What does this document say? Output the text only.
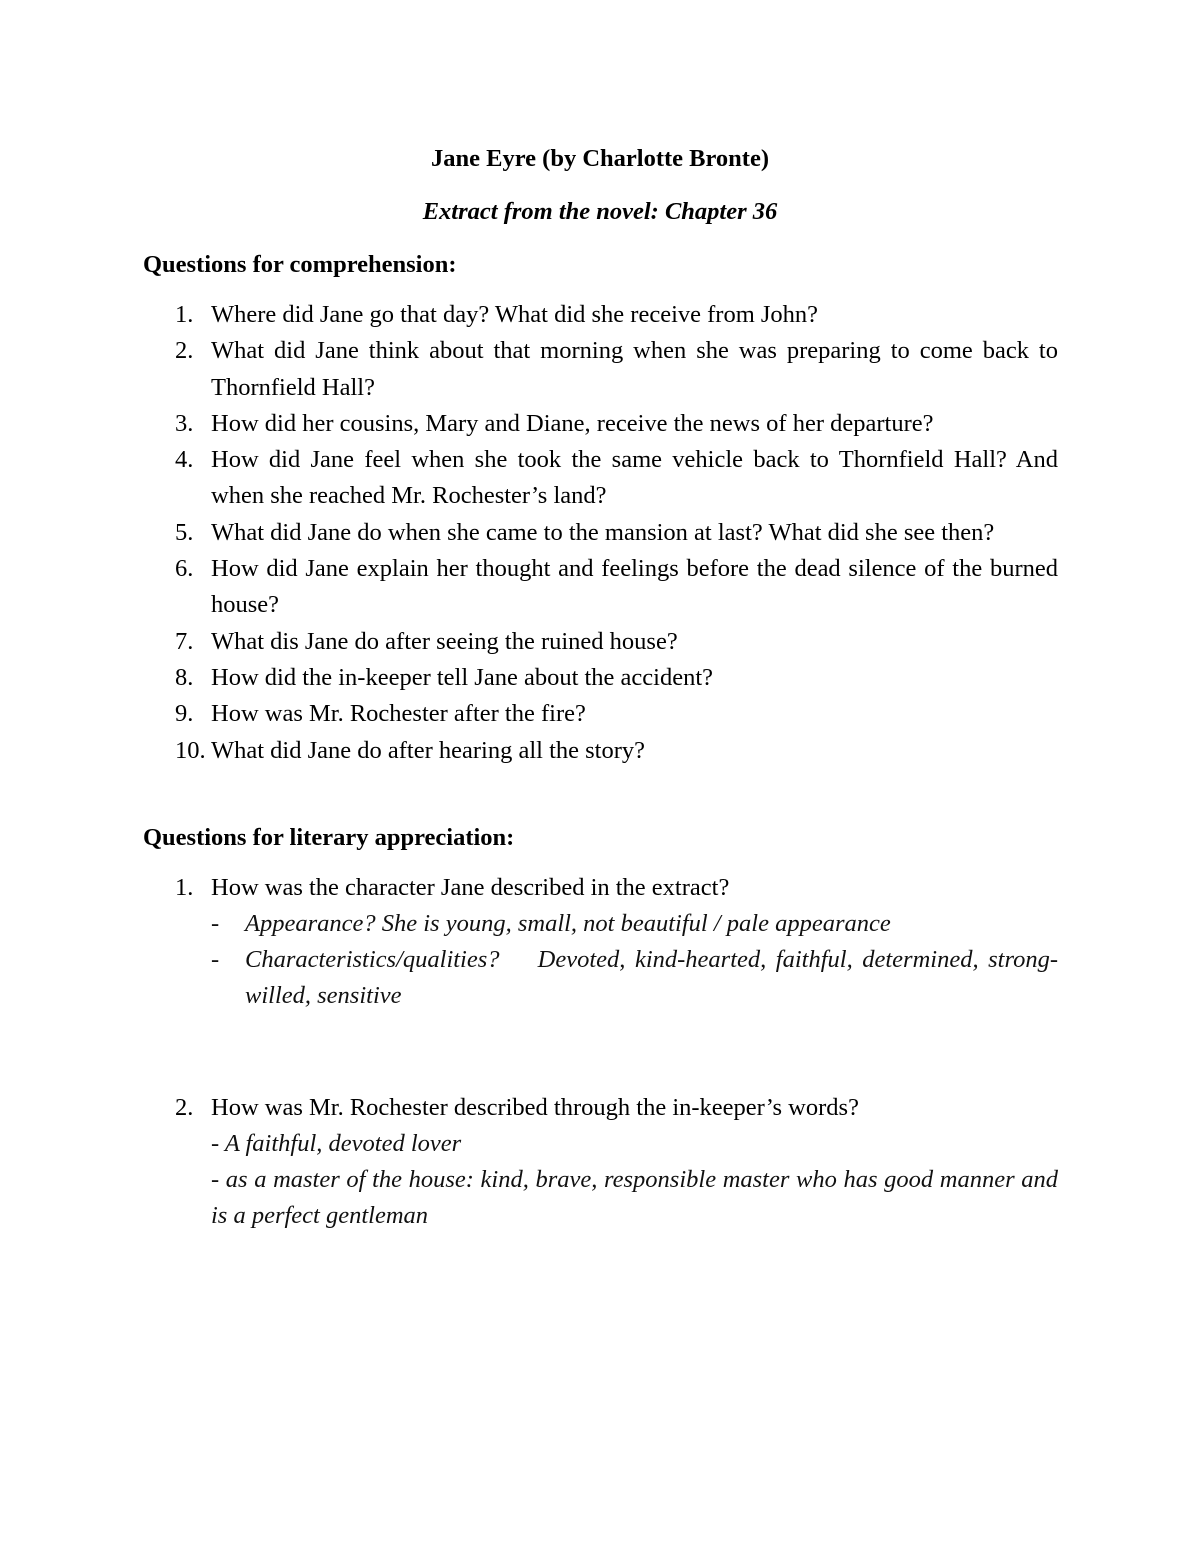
Jane Eyre (by Charlotte Bronte)
Extract from the novel: Chapter 36
Questions for comprehension:
1. Where did Jane go that day? What did she receive from John?
2. What did Jane think about that morning when she was preparing to come back to Thornfield Hall?
3. How did her cousins, Mary and Diane, receive the news of her departure?
4. How did Jane feel when she took the same vehicle back to Thornfield Hall? And when she reached Mr. Rochester’s land?
5. What did Jane do when she came to the mansion at last? What did she see then?
6. How did Jane explain her thought and feelings before the dead silence of the burned house?
7. What dis Jane do after seeing the ruined house?
8. How did the in-keeper tell Jane about the accident?
9. How was Mr. Rochester after the fire?
10. What did Jane do after hearing all the story?
Questions for literary appreciation:
1. How was the character Jane described in the extract?
- Appearance? She is young, small, not beautiful / pale appearance
- Characteristics/qualities?    Devoted, kind-hearted, faithful, determined, strong-willed, sensitive
2. How was Mr. Rochester described through the in-keeper’s words?
- A faithful, devoted lover
- as a master of the house: kind, brave, responsible master who has good manner and is a perfect gentleman
